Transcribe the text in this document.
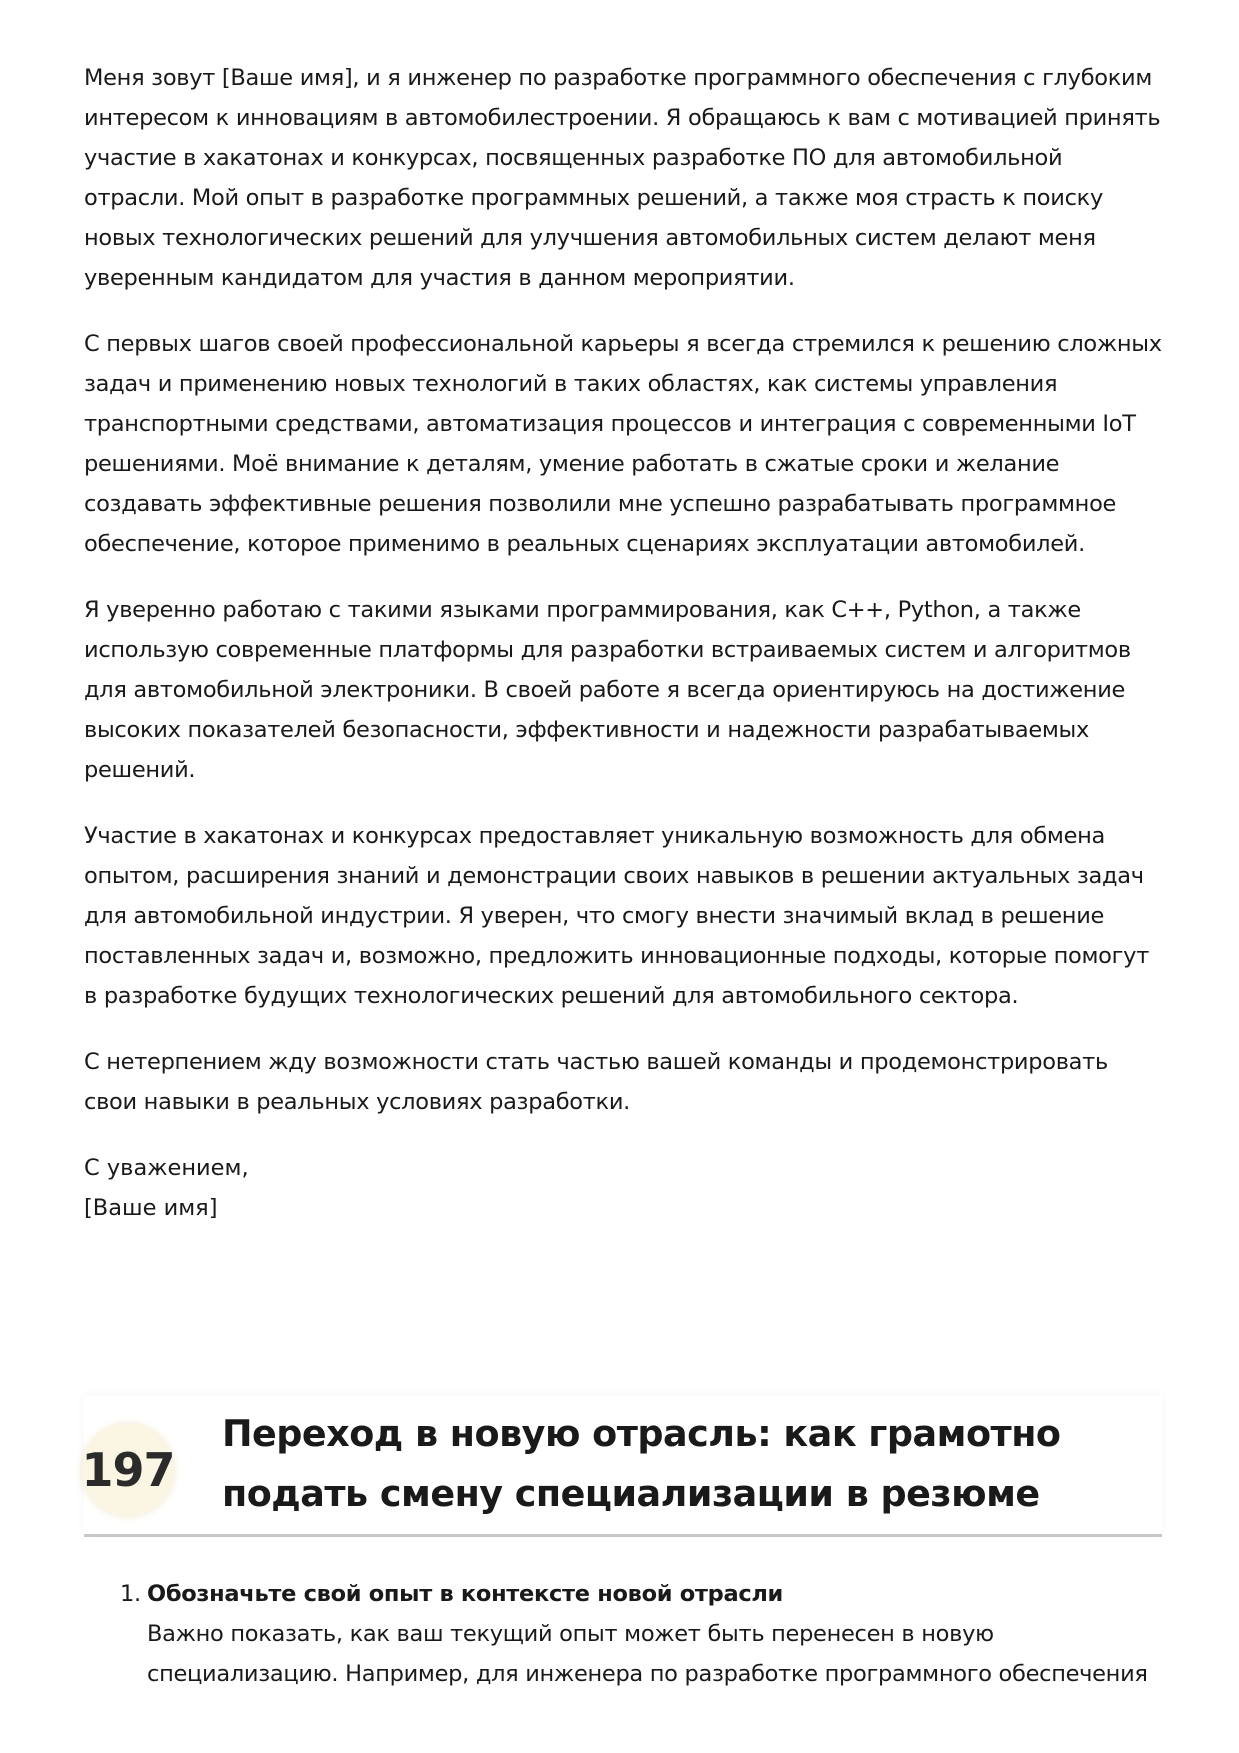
Меня зовут [Ваше имя], и я инженер по разработке программного обеспечения с глубоким интересом к инновациям в автомобилестроении. Я обращаюсь к вам с мотивацией принять участие в хакатонах и конкурсах, посвященных разработке ПО для автомобильной отрасли. Мой опыт в разработке программных решений, а также моя страсть к поиску новых технологических решений для улучшения автомобильных систем делают меня уверенным кандидатом для участия в данном мероприятии.

С первых шагов своей профессиональной карьеры я всегда стремился к решению сложных задач и применению новых технологий в таких областях, как системы управления транспортными средствами, автоматизация процессов и интеграция с современными IoT решениями. Моё внимание к деталям, умение работать в сжатые сроки и желание создавать эффективные решения позволили мне успешно разрабатывать программное обеспечение, которое применимо в реальных сценариях эксплуатации автомобилей.

Я уверенно работаю с такими языками программирования, как C++, Python, а также использую современные платформы для разработки встраиваемых систем и алгоритмов для автомобильной электроники. В своей работе я всегда ориентируюсь на достижение высоких показателей безопасности, эффективности и надежности разрабатываемых решений.

Участие в хакатонах и конкурсах предоставляет уникальную возможность для обмена опытом, расширения знаний и демонстрации своих навыков в решении актуальных задач для автомобильной индустрии. Я уверен, что смогу внести значимый вклад в решение поставленных задач и, возможно, предложить инновационные подходы, которые помогут в разработке будущих технологических решений для автомобильного сектора.

С нетерпением жду возможности стать частью вашей команды и продемонстрировать свои навыки в реальных условиях разработки.

С уважением,
[Ваше имя]

197
Переход в новую отрасль: как грамотно подать смену специализации в резюме
1. Обозначьте свой опыт в контексте новой отрасли
Важно показать, как ваш текущий опыт может быть перенесен в новую специализацию. Например, для инженера по разработке программного обеспечения
